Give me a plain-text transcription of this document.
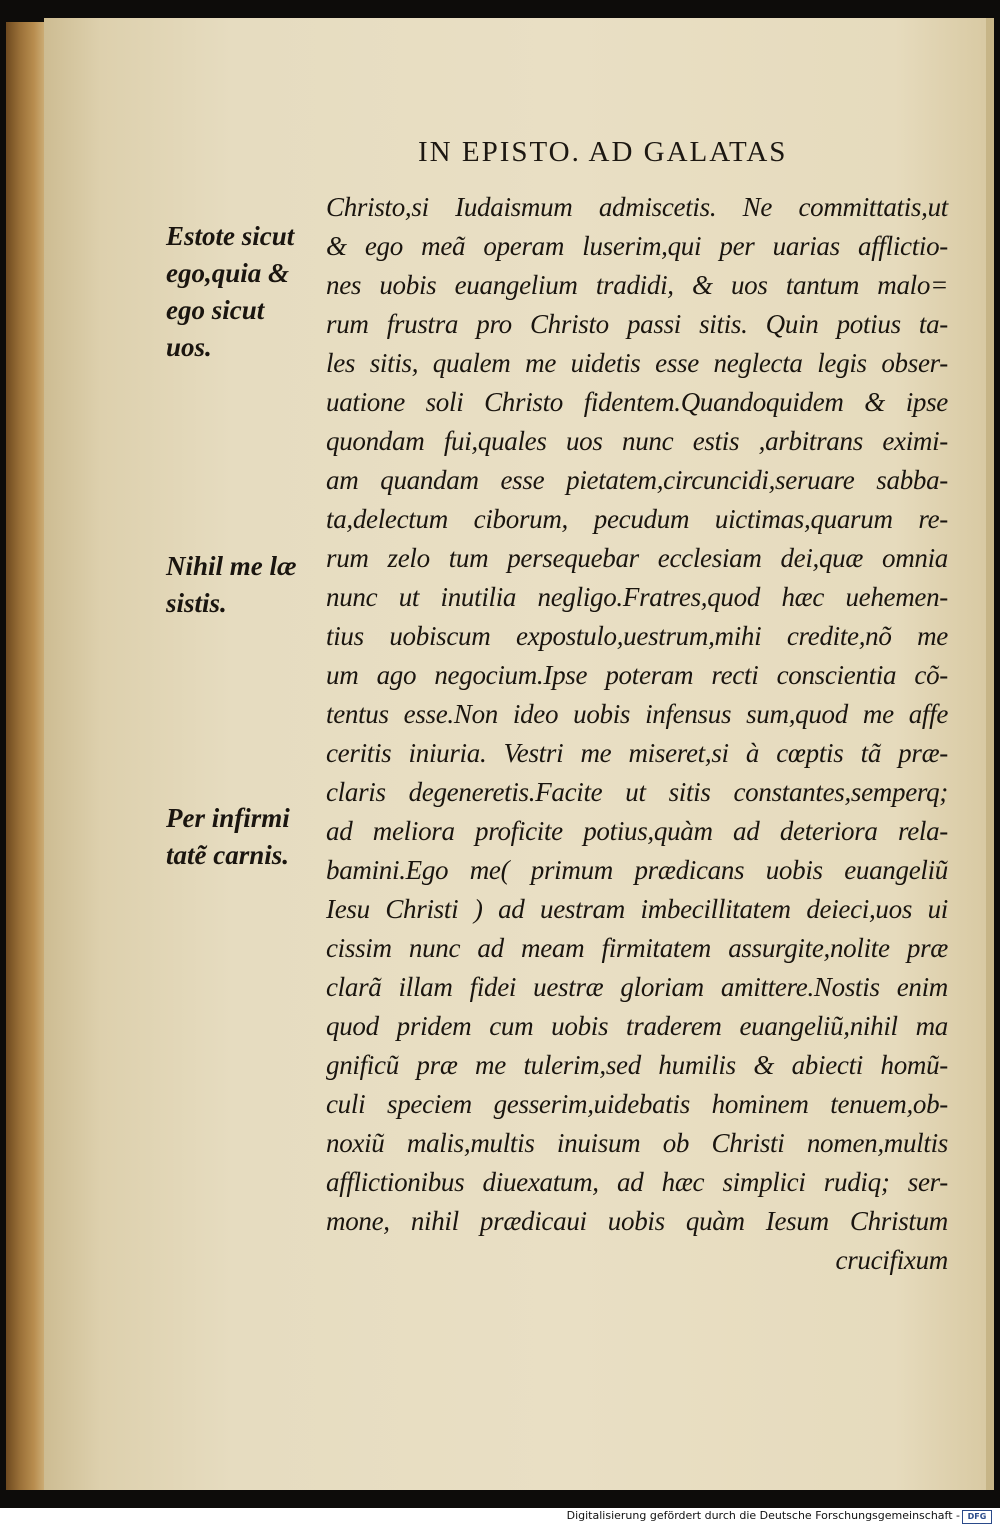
IN EPISTO. AD GALATAS
Christo,si Iudaismum admiscetis. Ne committatis,ut
& ego meã operam luserim,qui per uarias afflictio-
nes uobis euangelium tradidi, & uos tantum malo=
rum frustra pro Christo passi sitis. Quin potius ta-
les sitis, qualem me uidetis esse neglecta legis obser-
uatione soli Christo fidentem.Quandoquidem & ipse
quondam fui,quales uos nunc estis ,arbitrans eximi-
am quandam esse pietatem,circuncidi,seruare sabba-
ta,delectum ciborum, pecudum uictimas,quarum re-
rum zelo tum persequebar ecclesiam dei,quæ omnia
nunc ut inutilia negligo.Fratres,quod hæc uehemen-
tius uobiscum expostulo,uestrum,mihi credite,nõ me
um ago negocium.Ipse poteram recti conscientia cõ-
tentus esse.Non ideo uobis infensus sum,quod me affe
ceritis iniuria. Vestri me miseret,si à cœptis tã præ-
claris degeneretis.Facite ut sitis constantes,semperq;
ad meliora proficite potius,quàm ad deteriora rela-
bamini.Ego me( primum prædicans uobis euangeliũ
Iesu Christi ) ad uestram imbecillitatem deieci,uos ui
cissim nunc ad meam firmitatem assurgite,nolite præ
clarã illam fidei uestræ gloriam amittere.Nostis enim
quod pridem cum uobis traderem euangeliũ,nihil ma
gnificũ præ me tulerim,sed humilis & abiecti homũ-
culi speciem gesserim,uidebatis hominem tenuem,ob-
noxiũ malis,multis inuisum ob Christi nomen,multis
afflictionibus diuexatum, ad hæc simplici rudiq; ser-
mone, nihil prædicaui uobis quàm Iesum Christum
crucifixum
Estote sicut
ego,quia &
ego sicut
uos.
Nihil me læ
sistis.
Per infirmi
tatẽ carnis.
Digitalisierung gefördert durch die Deutsche Forschungsgemeinschaft - DFG
